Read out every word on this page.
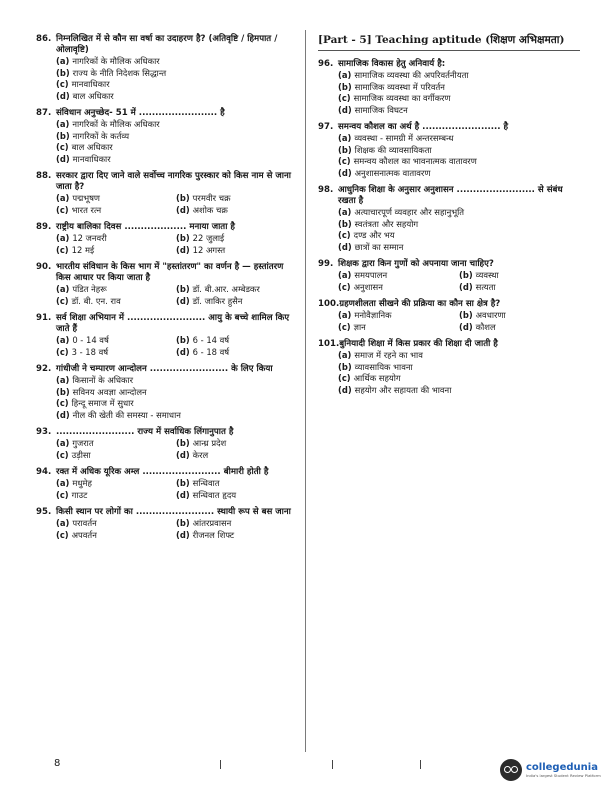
86. निम्नलिखित में से कौन सा वर्षा का उदाहरण है? (अतिवृष्टि / हिमपात / ओलावृष्टि)
(a) नागरिकों के मौलिक अधिकार
(b) राज्य के नीति निदेशक सिद्धान्त
(c) मानवाधिकार
(d) बाल अधिकार
87. संविधान अनुच्छेद- 51 में ........................ है
(a) नागरिकों के मौलिक अधिकार
(b) नागरिकों के कर्तव्य
(c) बाल अधिकार
(d) मानवाधिकार
88. सरकार द्वारा दिए जाने वाले सर्वोच्च नागरिक पुरस्कार को किस नाम से जाना जाता है?
(a) पद्मभूषण	(b) परमवीर चक्र
(c) भारत रत्न	(d) अशोक चक्र
89. राष्ट्रीय बालिका दिवस ................... मनाया जाता है
(a) 12 जनवरी	(b) 22 जुलाई
(c) 12 मई	(d) 12 अगस्त
90. भारतीय संविधान के किस भाग में "हस्तांतरण" का वर्णन है — हस्तांतरण किस आधार पर किया जाता है
(a) पंडित नेहरू	(b) डॉ. बी.आर. अम्बेडकर
(c) डॉ. बी. एन. राव	(d) डॉ. जाकिर हुसैन
91. सर्व शिक्षा अभियान में ........................ आयु के बच्चे शामिल किए जाते हैं
(a) 0 - 14 वर्ष	(b) 6 - 14 वर्ष
(c) 3 - 18 वर्ष	(d) 6 - 18 वर्ष
92. गांधीजी ने चम्पारण आन्दोलन ........................ के लिए किया
(a) किसानों के अधिकार
(b) सविनय अवज्ञा आन्दोलन
(c) हिन्दू समाज में सुधार
(d) नील की खेती की समस्या - समाधान
93. ........................ राज्य में सर्वाधिक लिंगानुपात है
(a) गुजरात	(b) आन्ध्र प्रदेश
(c) उड़ीसा	(d) केरल
94. रक्त में अधिक यूरिक अम्ल ........................ बीमारी होती है
(a) मधुमेह	(b) सन्धिवात
(c) गाउट	(d) सन्धिवात हृदय
95. किसी स्थान पर लोगों का ........................ स्थायी रूप से बस जाना
(a) परावर्तन	(b) आंतरप्रवासन
(c) अपवर्तन	(d) रीजनल शिफ्ट
[Part - 5] Teaching aptitude (शिक्षण अभिक्षमता)
96. सामाजिक विकास हेतु अनिवार्य है:
(a) सामाजिक व्यवस्था की अपरिवर्तनीयता
(b) सामाजिक व्यवस्था में परिवर्तन
(c) सामाजिक व्यवस्था का वर्गीकरण
(d) सामाजिक विघटन
97. समन्वय कौशल का अर्थ है ........................ है
(a) व्यवस्था - सामग्री में अन्तरसम्बन्ध
(b) शिक्षक की व्यावसायिकता
(c) समन्वय कौशल का भावनात्मक वातावरण
(d) अनुशासनात्मक वातावरण
98. आधुनिक शिक्षा के अनुसार अनुशासन ........................ से संबंध रखता है
(a) अत्याचारपूर्ण व्यवहार और सहानुभूति
(b) स्वतंत्रता और सहयोग
(c) दण्ड और भय
(d) छात्रों का सम्मान
99. शिक्षक द्वारा किन गुणों को अपनाया जाना चाहिए?
(a) समयपालन	(b) व्यवस्था
(c) अनुशासन	(d) सत्यता
100. ग्रहणशीलता सीखने की प्रक्रिया का कौन सा क्षेत्र है?
(a) मनोवैज्ञानिक	(b) अवधारणा
(c) ज्ञान	(d) कौशल
101. बुनियादी शिक्षा में किस प्रकार की शिक्षा दी जाती है
(a) समाज में रहने का भाव
(b) व्यावसायिक भावना
(c) आर्थिक सहयोग
(d) सहयोग और सहायता की भावना
8	collegedunia
India's largest Student Review Platform
